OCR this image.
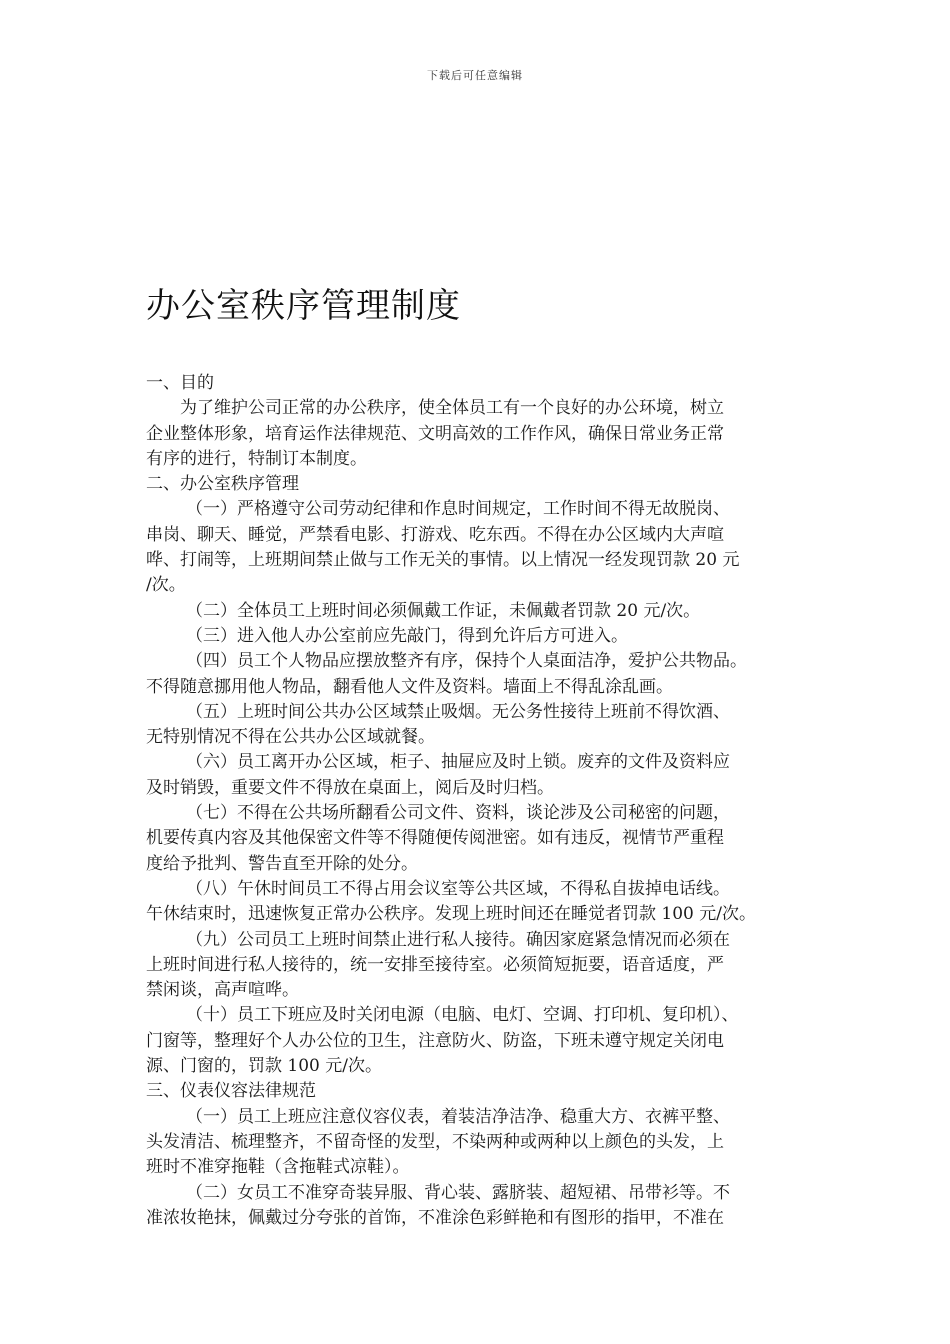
下载后可任意编辑
办公室秩序管理制度
一、目的
为了维护公司正常的办公秩序，使全体员工有一个良好的办公环境，树立
企业整体形象，培育运作法律规范、文明高效的工作作风，确保日常业务正常
有序的进行，特制订本制度。
二、办公室秩序管理
（一）严格遵守公司劳动纪律和作息时间规定，工作时间不得无故脱岗、
串岗、聊天、睡觉，严禁看电影、打游戏、吃东西。不得在办公区域内大声喧
哗、打闹等，上班期间禁止做与工作无关的事情。以上情况一经发现罚款 20 元
/次。
（二）全体员工上班时间必须佩戴工作证，未佩戴者罚款 20 元/次。
（三）进入他人办公室前应先敲门，得到允许后方可进入。
（四）员工个人物品应摆放整齐有序，保持个人桌面洁净，爱护公共物品。
不得随意挪用他人物品，翻看他人文件及资料。墙面上不得乱涂乱画。
（五）上班时间公共办公区域禁止吸烟。无公务性接待上班前不得饮酒、
无特别情况不得在公共办公区域就餐。
（六）员工离开办公区域，柜子、抽屉应及时上锁。废弃的文件及资料应
及时销毁，重要文件不得放在桌面上，阅后及时归档。
（七）不得在公共场所翻看公司文件、资料，谈论涉及公司秘密的问题，
机要传真内容及其他保密文件等不得随便传阅泄密。如有违反，视情节严重程
度给予批判、警告直至开除的处分。
（八）午休时间员工不得占用会议室等公共区域，不得私自拔掉电话线。
午休结束时，迅速恢复正常办公秩序。发现上班时间还在睡觉者罚款 100 元/次。
（九）公司员工上班时间禁止进行私人接待。确因家庭紧急情况而必须在
上班时间进行私人接待的，统一安排至接待室。必须简短扼要，语音适度，严
禁闲谈，高声喧哗。
（十）员工下班应及时关闭电源（电脑、电灯、空调、打印机、复印机）、
门窗等，整理好个人办公位的卫生，注意防火、防盗，下班未遵守规定关闭电
源、门窗的，罚款 100 元/次。
三、仪表仪容法律规范
（一）员工上班应注意仪容仪表，着装洁净洁净、稳重大方、衣裤平整、
头发清洁、梳理整齐，不留奇怪的发型，不染两种或两种以上颜色的头发，上
班时不准穿拖鞋（含拖鞋式凉鞋）。
（二）女员工不准穿奇装异服、背心装、露脐装、超短裙、吊带衫等。不
准浓妆艳抹，佩戴过分夸张的首饰，不准涂色彩鲜艳和有图形的指甲，不准在
